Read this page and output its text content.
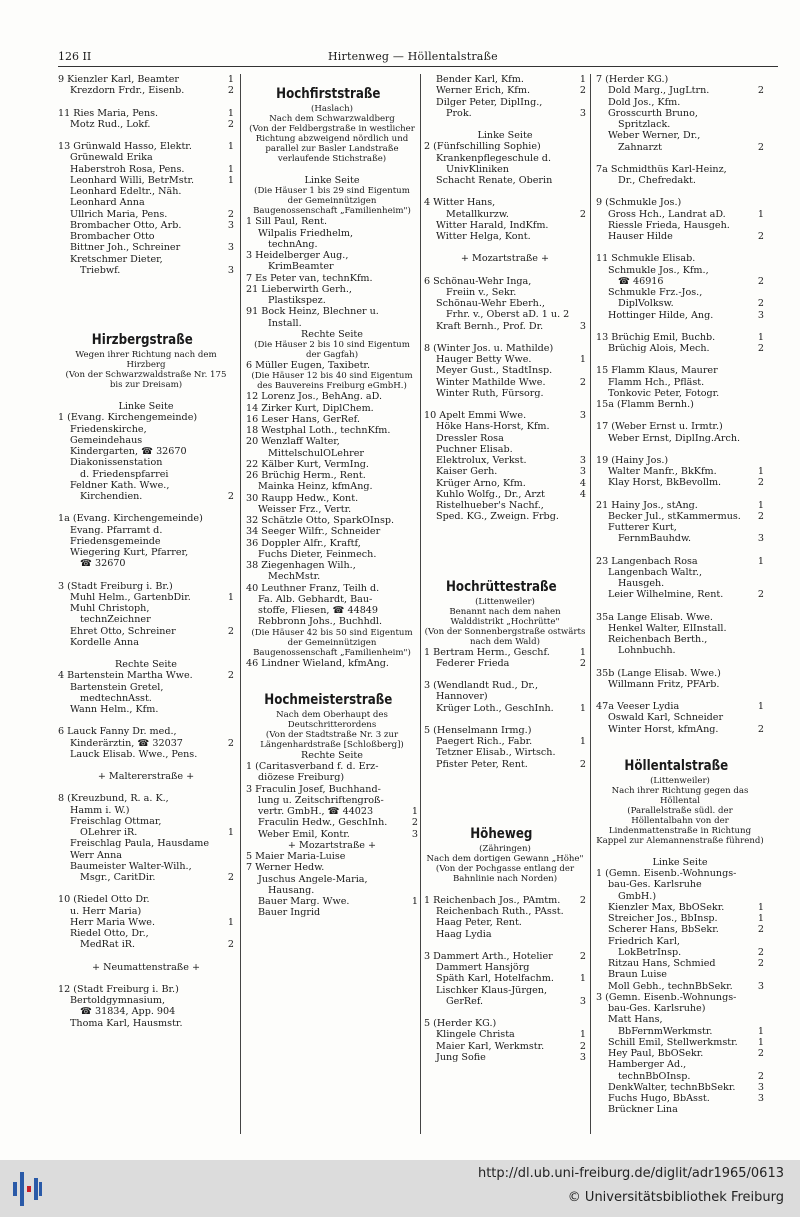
126 II	Hirtenweg — Höllentalstraße
9 Kienzler Karl, Beamter	1
Krezdorn Frdr., Eisenb.	2
11 Ries Maria, Pens.	1
Motz Rud., Lokf.	2
13 Grünwald Hasso, Elektr.	1
Grünewald Erika
Haberstroh Rosa, Pens.	1
Leonhard Willi, BetrMstr.	1
Leonhard Edeltr., Näh.
Leonhard Anna
Ullrich Maria, Pens.	2
Brombacher Otto, Arb.	3
Brombacher Otto
Bittner Joh., Schreiner	3
Kretschmer Dieter,
Triebwf.	3
Hirzbergstraße
Wegen ihrer Richtung nach dem Hirzberg
(Von der Schwarzwaldstraße Nr. 175 bis zur Dreisam)
Linke Seite
1 (Evang. Kirchengemeinde)
Friedenskirche,
Gemeindehaus
Kindergarten, ☎ 32670
Diakonissenstation
d. Friedenspfarrei
Feldner Kath. Wwe.,
Kirchendien.	2
1a (Evang. Kirchengemeinde)
Evang. Pfarramt d.
Friedensgemeinde
Wiegering Kurt, Pfarrer,
☎ 32670
3 (Stadt Freiburg i. Br.)
Muhl Helm., GartenbDir.	1
Muhl Christoph,
technZeichner
Ehret Otto, Schreiner	2
Kordelle Anna
Rechte Seite
4 Bartenstein Martha Wwe.	2
Bartenstein Gretel,
medtechnAsst.
Wann Helm., Kfm.
6 Lauck Fanny Dr. med.,
Kinderärztin, ☎ 32037	2
Lauck Elisab. Wwe., Pens.
+ Maltererstraße +
8 (Kreuzbund, R. a. K.,
Hamm i. W.)
Freischlag Ottmar,
OLehrer iR.	1
Freischlag Paula, Hausdame
Werr Anna
Baumeister Walter-Wilh.,
Msgr., CaritDir.	2
10 (Riedel Otto Dr.
u. Herr Maria)
Herr Maria Wwe.	1
Riedel Otto, Dr.,
MedRat iR.	2
+ Neumattenstraße +
12 (Stadt Freiburg i. Br.)
Bertoldgymnasium,
☎ 31834, App. 904
Thoma Karl, Hausmstr.
Hochfirststraße
(Haslach)
Nach dem Schwarzwaldberg
(Von der Feldbergstraße in westlicher Richtung abzweigend nördlich und parallel zur Basler Landstraße verlaufende Stichstraße)
Linke Seite
(Die Häuser 1 bis 29 sind Eigentum der Gemeinnützigen Baugenossenschaft „Familienheim")
1 Sill Paul, Rent.
Wilpalis Friedhelm,
technAng.
3 Heidelberger Aug.,
KrimBeamter
7 Es Peter van, technKfm.
21 Lieberwirth Gerh.,
Plastikspez.
91 Bock Heinz, Blechner u.
Install.
Rechte Seite
(Die Häuser 2 bis 10 sind Eigentum der Gagfah)
6 Müller Eugen, Taxibetr.
(Die Häuser 12 bis 40 sind Eigentum des Bauvereins Freiburg eGmbH.)
12 Lorenz Jos., BehAng. aD.
14 Zirker Kurt, DiplChem.
16 Leser Hans, GerRef.
18 Westphal Loth., technKfm.
20 Wenzlaff Walter,
MittelschulOLehrer
22 Kälber Kurt, VermIng.
26 Brüchig Herm., Rent.
Mainka Heinz, kfmAng.
30 Raupp Hedw., Kont.
Weisser Frz., Vertr.
32 Schätzle Otto, SparkOInsp.
34 Seeger Wilfr., Schneider
36 Doppler Alfr., Kraftf,
Fuchs Dieter, Feinmech.
38 Ziegenhagen Wilh.,
MechMstr.
40 Leuthner Franz, Teilh d.
Fa. Alb. Gebhardt, Bau-
stoffe, Fliesen, ☎ 44849
Rebbronn Johs., Buchhdl.
(Die Häuser 42 bis 50 sind Eigentum der Gemeinnützigen Baugenossenschaft „Familienheim")
46 Lindner Wieland, kfmAng.
Hochmeisterstraße
Nach dem Oberhaupt des Deutschritterordens
(Von der Stadtstraße Nr. 3 zur Längenhardstraße [Schloßberg])
Rechte Seite
1 (Caritasverband f. d. Erz-
diözese Freiburg)
3 Fraculin Josef, Buchhand-
lung u. Zeitschriftengroß-
vertr. GmbH., ☎ 44023	1
Fraculin Hedw., GeschInh.	2
Weber Emil, Kontr.	3
+ Mozartstraße +
5 Maier Maria-Luise
7 Werner Hedw.
Juschus Angele-Maria,
Hausang.
Bauer Marg. Wwe.	1
Bauer Ingrid
Bender Karl, Kfm.	1
Werner Erich, Kfm.	2
Dilger Peter, DiplIng.,
Prok.	3
Linke Seite
2 (Fünfschilling Sophie)
Krankenpflegeschule d.
UnivKliniken
Schacht Renate, Oberin
4 Witter Hans,
Metallkurzw.	2
Witter Harald, IndKfm.
Witter Helga, Kont.
+ Mozartstraße +
6 Schönau-Wehr Inga,
Freiin v., Sekr.
Schönau-Wehr Eberh.,
Frhr. v., Oberst aD. 1 u. 2
Kraft Bernh., Prof. Dr.	3
8 (Winter Jos. u. Mathilde)
Hauger Betty Wwe.	1
Meyer Gust., StadtInsp.
Winter Mathilde Wwe.	2
Winter Ruth, Fürsorg.
10 Apelt Emmi Wwe.	3
Höke Hans-Horst, Kfm.
Dressler Rosa
Puchner Elisab.
Elektrolux, Verkst.	3
Kaiser Gerh.	3
Krüger Arno, Kfm.	4
Kuhlo Wolfg., Dr., Arzt	4
Ristelhueber's Nachf.,
Sped. KG., Zweign. Frbg.
Hochrüttestraße
(Littenweiler)
Benannt nach dem nahen Walddistrikt „Hochrütte"
(Von der Sonnenbergstraße ostwärts nach dem Wald)
1 Bertram Herm., Geschf.	1
Federer Frieda	2
3 (Wendlandt Rud., Dr.,
Hannover)
Krüger Loth., GeschInh.	1
5 (Henselmann Irmg.)
Paegert Rich., Fabr.	1
Tetzner Elisab., Wirtsch.
Pfister Peter, Rent.	2
Höheweg
(Zähringen)
Nach dem dortigen Gewann „Höhe"
(Von der Pochgasse entlang der Bahnlinie nach Norden)
1 Reichenbach Jos., PAmtm. 2
Reichenbach Ruth., PAsst.
Haag Peter, Rent.
Haag Lydia
3 Dammert Arth., Hotelier	2
Dammert Hansjörg
Späth Karl, Hotelfachm.	1
Lischker Klaus-Jürgen,
GerRef.	3
5 (Herder KG.)
Klingele Christa	1
Maier Karl, Werkmstr.	2
Jung Sofie	3
7 (Herder KG.)
Dold Marg., JugLtrn.	2
Dold Jos., Kfm.
Grosscurth Bruno,
Spritzlack.
Weber Werner, Dr.,
Zahnarzt	2
7a Schmidthüs Karl-Heinz,
Dr., Chefredakt.
9 (Schmukle Jos.)
Gross Hch., Landrat aD.	1
Riessle Frieda, Hausgeh.
Hauser Hilde	2
11 Schmukle Elisab.
Schmukle Jos., Kfm.,
☎ 46916	2
Schmukle Frz.-Jos.,
DiplVolksw.	2
Hottinger Hilde, Ang.	3
13 Brüchig Emil, Buchb.	1
Brüchig Alois, Mech.	2
15 Flamm Klaus, Maurer
Flamm Hch., Pfläst.
Tonkovic Peter, Fotogr.
15a (Flamm Bernh.)
17 (Weber Ernst u. Irmtr.)
Weber Ernst, DiplIng.Arch.
19 (Hainy Jos.)
Walter Manfr., BkKfm.	1
Klay Horst, BkBevollm.	2
21 Hainy Jos., stAng.	1
Becker Jul., stKammermus. 2
Futterer Kurt,
FernmBauhdw.	3
23 Langenbach Rosa	1
Langenbach Waltr.,
Hausgeh.
Leier Wilhelmine, Rent.	2
35a Lange Elisab. Wwe.
Henkel Walter, ElInstall.
Reichenbach Berth.,
Lohnbuchh.
35b (Lange Elisab. Wwe.)
Willmann Fritz, PFArb.
47a Veeser Lydia	1
Oswald Karl, Schneider
Winter Horst, kfmAng.	2
Höllentalstraße
(Littenweiler)
Nach ihrer Richtung gegen das Höllental
(Parallelstraße südl. der Höllentalbahn von der Lindenmattenstraße in Richtung Kappel zur Alemannenstraße führend)
Linke Seite
1 (Gemn. Eisenb.-Wohnungs-
bau-Ges. Karlsruhe
GmbH.)
Kienzler Max, BbOSekr.	1
Streicher Jos., BbInsp.	1
Scherer Hans, BbSekr.	2
Friedrich Karl,
LokBetrInsp.	2
Ritzau Hans, Schmied	2
Braun Luise
Moll Gebh., technBbSekr.	3
3 (Gemn. Eisenb.-Wohnungs-
bau-Ges. Karlsruhe)
Matt Hans,
BbFernmWerkmstr.	1
Schill Emil, Stellwerkmstr. 1
Hey Paul, BbOSekr.	2
Hamberger Ad.,
technBbOInsp.	2
DenkWalter, technBbSekr. 3
Fuchs Hugo, BbAsst.	3
Brückner Lina
http://dl.ub.uni-freiburg.de/diglit/adr1965/0613
© Universitätsbibliothek Freiburg
